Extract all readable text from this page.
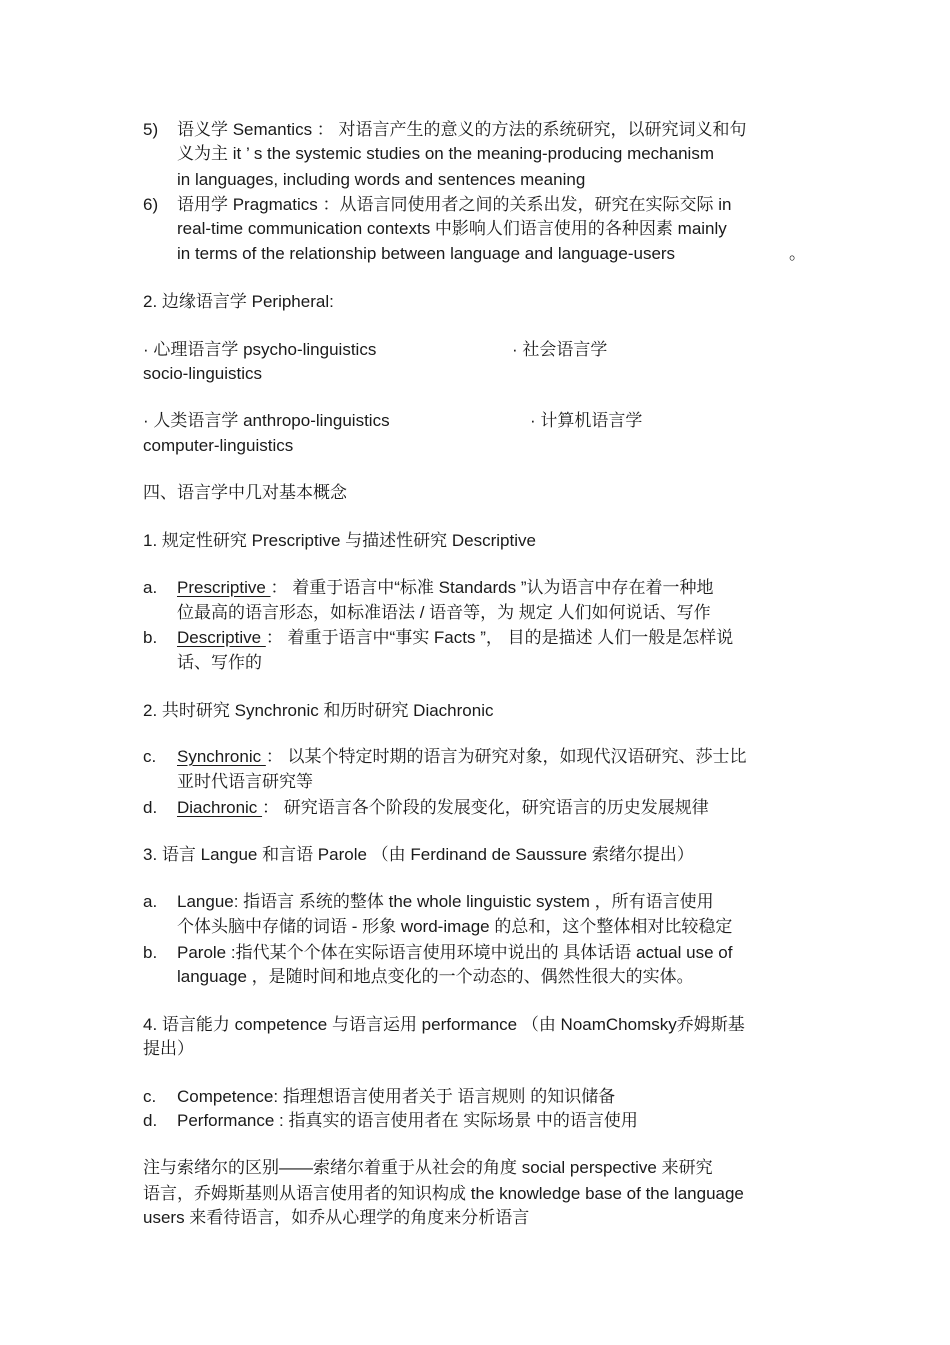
5) 语义学 Semantics ： 对语言产生的意义的方法的系统研究，以研究词义和句
义为主 it ’ s the systemic studies on the meaning-producing mechanism
in languages, including words and sentences meaning
6) 语用学 Pragmatics ：从语言同使用者之间的关系出发，研究在实际交际 in
real-time communication contexts 中影响人们语言使用的各种因素 mainly
in terms of the relationship between language and language-users	。
2. 边缘语言学 Peripheral:
· 心理语言学 psycho-linguistics	· 社会语言学
socio-linguistics
· 人类语言学 anthropo-linguistics	· 计算机语言学
computer-linguistics
四、语言学中几对基本概念
1. 规定性研究 Prescriptive 与描述性研究 Descriptive
a. Prescriptive ： 着重于语言中“标准 Standards ”认为语言中存在着一种地
位最高的语言形态，如标准语法 / 语音等，为 规定 人们如何说话、写作
b. Descriptive ： 着重于语言中“事实 Facts ”， 目的是描述 人们一般是怎样说
话、写作的
2. 共时研究 Synchronic 和历时研究 Diachronic
c. Synchronic ： 以某个特定时期的语言为研究对象，如现代汉语研究、莎士比
亚时代语言研究等
d. Diachronic ： 研究语言各个阶段的发展变化，研究语言的历史发展规律
3. 语言 Langue 和言语 Parole （由 Ferdinand de Saussure 索绪尔提出）
a. Langue: 指语言 系统的整体 the whole linguistic system ，所有语言使用
个体头脑中存储的词语 - 形象 word-image 的总和，这个整体相对比较稳定
b. Parole :指代某个个体在实际语言使用环境中说出的 具体话语 actual use of
language ，是随时间和地点变化的一个动态的、偶然性很大的实体。
4. 语言能力 competence 与语言运用 performance （由 NoamChomsky乔姆斯基
提出）
c. Competence: 指理想语言使用者关于 语言规则 的知识储备
d. Performance : 指真实的语言使用者在 实际场景 中的语言使用
注与索绪尔的区别——索绪尔着重于从社会的角度 social perspective 来研究
语言，乔姆斯基则从语言使用者的知识构成 the knowledge base of the language
users 来看待语言，如乔从心理学的角度来分析语言
